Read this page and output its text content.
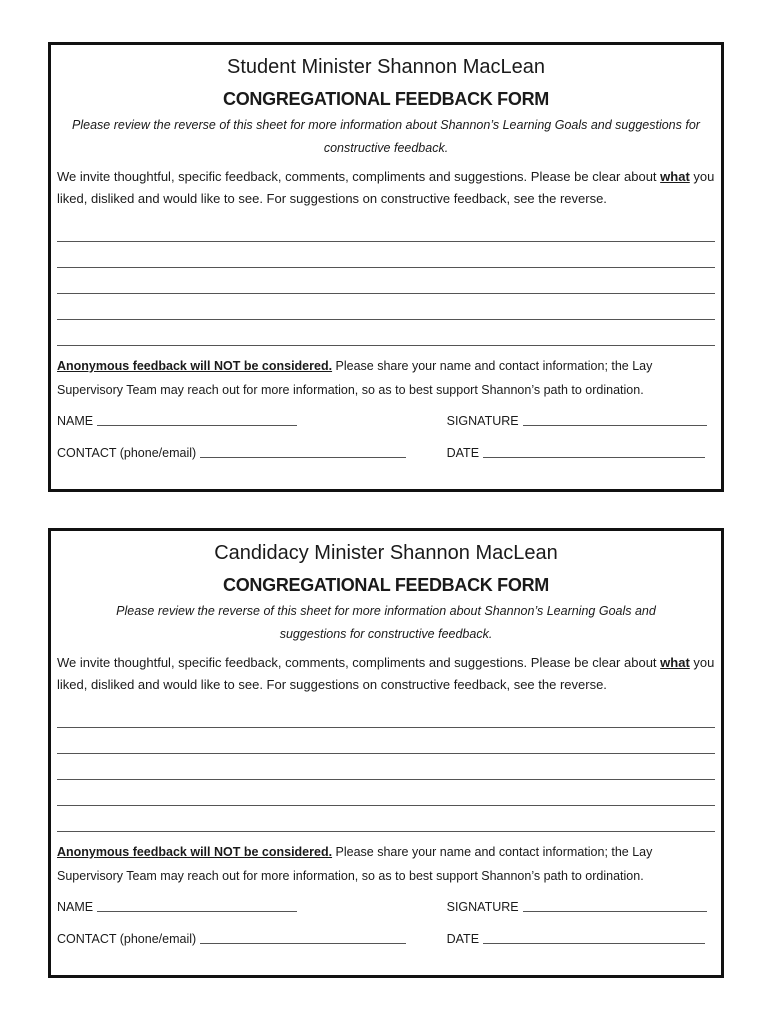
Student Minister Shannon MacLean
CONGREGATIONAL FEEDBACK FORM
Please review the reverse of this sheet for more information about Shannon’s Learning Goals and suggestions for constructive feedback.
We invite thoughtful, specific feedback, comments, compliments and suggestions. Please be clear about what you liked, disliked and would like to see. For suggestions on constructive feedback, see the reverse.
Anonymous feedback will NOT be considered. Please share your name and contact information; the Lay Supervisory Team may reach out for more information, so as to best support Shannon’s path to ordination.
NAME	SIGNATURE
CONTACT (phone/email)	DATE
Candidacy Minister Shannon MacLean
CONGREGATIONAL FEEDBACK FORM
Please review the reverse of this sheet for more information about Shannon’s Learning Goals and suggestions for constructive feedback.
We invite thoughtful, specific feedback, comments, compliments and suggestions. Please be clear about what you liked, disliked and would like to see. For suggestions on constructive feedback, see the reverse.
Anonymous feedback will NOT be considered. Please share your name and contact information; the Lay Supervisory Team may reach out for more information, so as to best support Shannon’s path to ordination.
NAME	SIGNATURE
CONTACT (phone/email)	DATE
